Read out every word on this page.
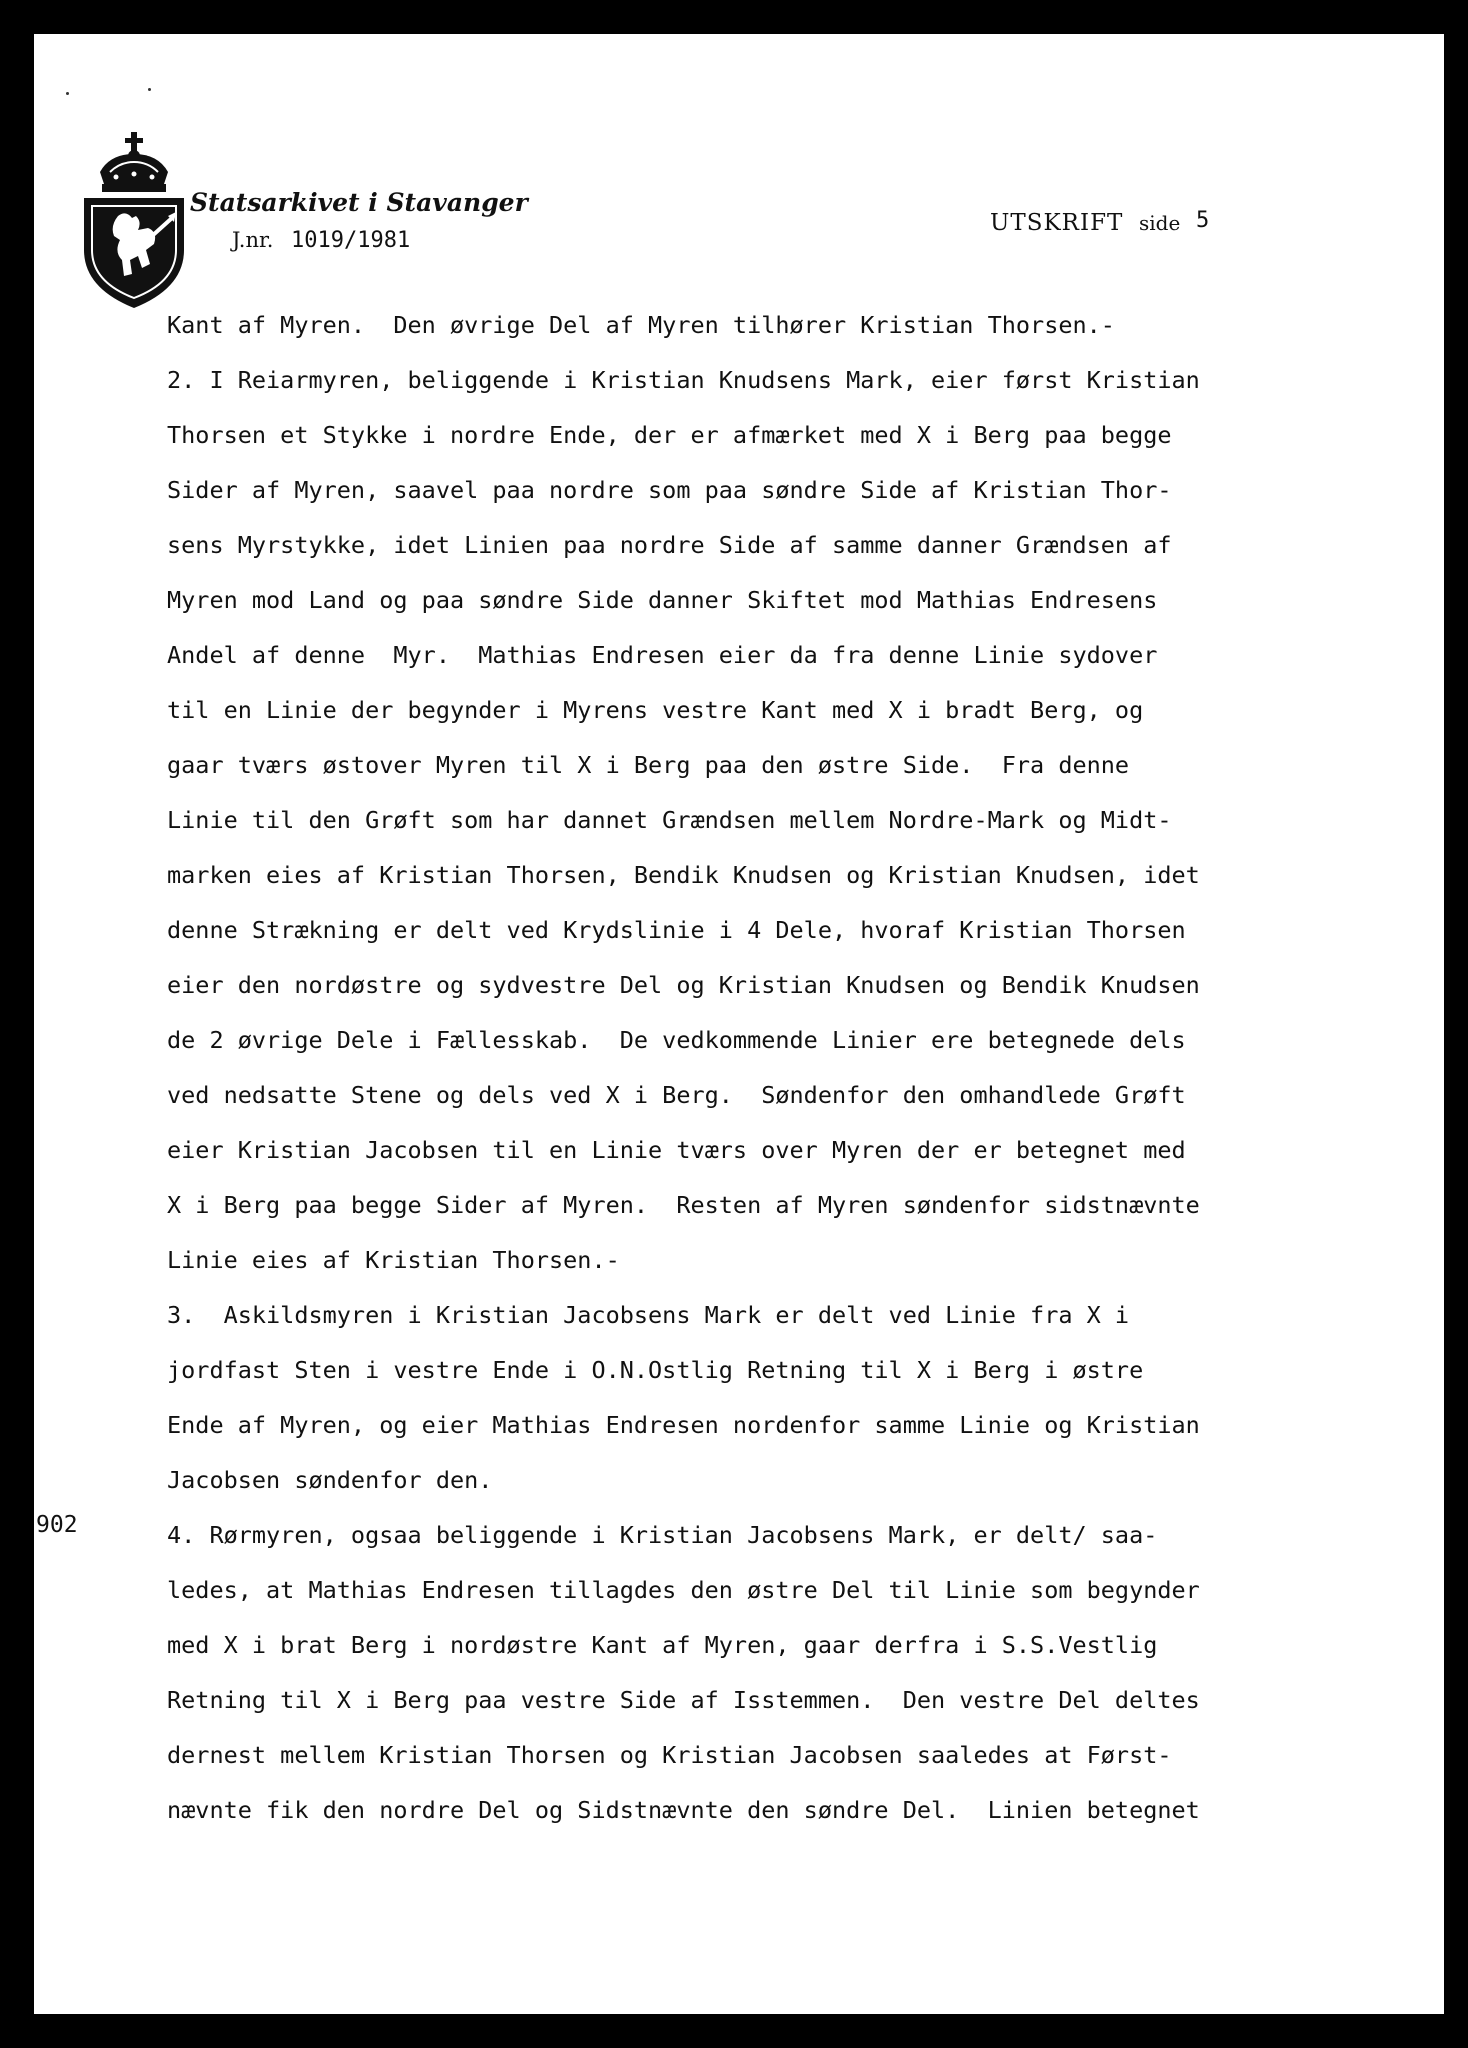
Statsarkivet i Stavanger
J.nr. 1019/1981
UTSKRIFT side 5
902
Kant af Myren.  Den øvrige Del af Myren tilhører Kristian Thorsen.-
2. I Reiarmyren, beliggende i Kristian Knudsens Mark, eier først Kristian
Thorsen et Stykke i nordre Ende, der er afmærket med X i Berg paa begge
Sider af Myren, saavel paa nordre som paa søndre Side af Kristian Thor-
sens Myrstykke, idet Linien paa nordre Side af samme danner Grændsen af
Myren mod Land og paa søndre Side danner Skiftet mod Mathias Endresens
Andel af denne  Myr.  Mathias Endresen eier da fra denne Linie sydover
til en Linie der begynder i Myrens vestre Kant med X i bradt Berg, og
gaar tværs østover Myren til X i Berg paa den østre Side.  Fra denne
Linie til den Grøft som har dannet Grændsen mellem Nordre-Mark og Midt-
marken eies af Kristian Thorsen, Bendik Knudsen og Kristian Knudsen, idet
denne Strækning er delt ved Krydslinie i 4 Dele, hvoraf Kristian Thorsen
eier den nordøstre og sydvestre Del og Kristian Knudsen og Bendik Knudsen
de 2 øvrige Dele i Fællesskab.  De vedkommende Linier ere betegnede dels
ved nedsatte Stene og dels ved X i Berg.  Søndenfor den omhandlede Grøft
eier Kristian Jacobsen til en Linie tværs over Myren der er betegnet med
X i Berg paa begge Sider af Myren.  Resten af Myren søndenfor sidstnævnte
Linie eies af Kristian Thorsen.-
3.  Askildsmyren i Kristian Jacobsens Mark er delt ved Linie fra X i
jordfast Sten i vestre Ende i O.N.Ostlig Retning til X i Berg i østre
Ende af Myren, og eier Mathias Endresen nordenfor samme Linie og Kristian
Jacobsen søndenfor den.
4. Rørmyren, ogsaa beliggende i Kristian Jacobsens Mark, er delt/ saa-
ledes, at Mathias Endresen tillagdes den østre Del til Linie som begynder
med X i brat Berg i nordøstre Kant af Myren, gaar derfra i S.S.Vestlig
Retning til X i Berg paa vestre Side af Isstemmen.  Den vestre Del deltes
dernest mellem Kristian Thorsen og Kristian Jacobsen saaledes at Først-
nævnte fik den nordre Del og Sidstnævnte den søndre Del.  Linien betegnet
